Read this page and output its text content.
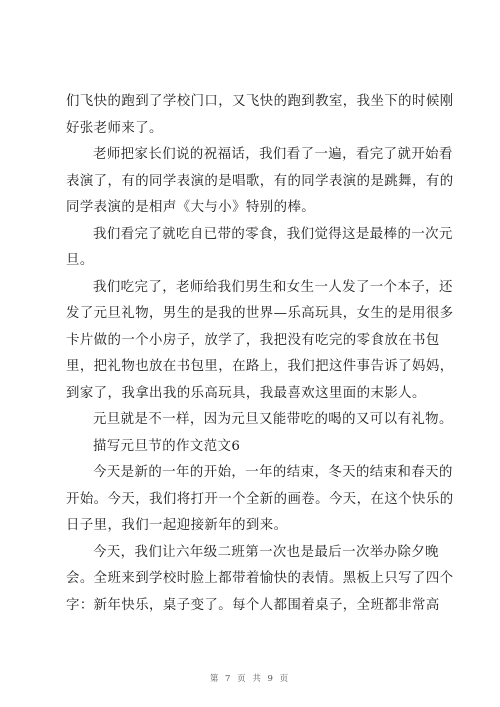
们飞快的跑到了学校门口，又飞快的跑到教室，我坐下的时候刚
好张老师来了。
老师把家长们说的祝福话，我们看了一遍，看完了就开始看
表演了，有的同学表演的是唱歌，有的同学表演的是跳舞，有的
同学表演的是相声《大与小》特别的棒。
我们看完了就吃自已带的零食，我们觉得这是最棒的一次元
旦。
我们吃完了，老师给我们男生和女生一人发了一个本子，还
发了元旦礼物，男生的是我的世界—乐高玩具，女生的是用很多
卡片做的一个小房子，放学了，我把没有吃完的零食放在书包
里，把礼物也放在书包里，在路上，我们把这件事告诉了妈妈，
到家了，我拿出我的乐高玩具，我最喜欢这里面的末影人。
元旦就是不一样，因为元旦又能带吃的喝的又可以有礼物。
描写元旦节的作文范文6
今天是新的一年的开始，一年的结束，冬天的结束和春天的
开始。今天，我们将打开一个全新的画卷。今天，在这个快乐的
日子里，我们一起迎接新年的到来。
今天，我们让六年级二班第一次也是最后一次举办除夕晚
会。全班来到学校时脸上都带着愉快的表情。黑板上只写了四个
字：新年快乐，桌子变了。每个人都围着桌子，全班都非常高
第 7 页 共 9 页
